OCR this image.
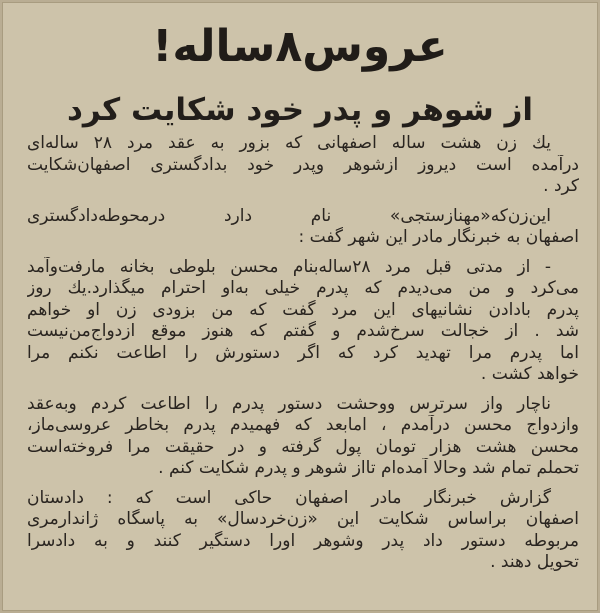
عروس۸ساله!
از شوهر و پدر خود شکایت کرد
یك زن هشت ساله اصفهانی که بزور به عقد مرد ۲۸ ساله‌ای
درآمده است دیروز ازشوهر وپدر خود بدادگستری اصفهان‌شکایت
کرد .
این‌زن‌که«مهنازستجی» نام دارد درمحوطه‌دادگستری
اصفهان به خبرنگار مادر این شهر گفت :
- از مدتی قبل مرد ۲۸ساله‌بنام محسن بلوطی بخانه مارفت‌وآمد
می‌کرد و من می‌دیدم که پدرم خیلی به‌او احترام میگذارد.یك روز
پدرم بادادن نشانیهای این مرد گفت که من بزودی زن او خواهم
شد . از خجالت سرخ‌شدم و گفتم که هنوز موقع ازدواج‌من‌نیست
اما پدرم مرا تهدید کرد که اگر دستورش را اطاعت نکنم مرا
خواهد کشت .
ناچار واز سرترس ووحشت دستور پدرم را اطاعت کردم وبه‌عقد
وازدواج محسن درآمدم ، امابعد که فهمیدم پدرم بخاطر عروسی‌ماز،
محسن هشت هزار تومان پول گرفته و در حقیقت مرا فروخته‌است
تحملم تمام شد وحالا آمده‌ام تااز شوهر و پدرم شکایت کنم .
گزارش خبرنگار مادر اصفهان حاکی است که : دادستان
اصفهان براساس شکایت این «زن‌خردسال» به پاسگاه ژاندارمری
مربوطه دستور داد پدر وشوهر اورا دستگیر کنند و به دادسرا
تحویل دهند .
